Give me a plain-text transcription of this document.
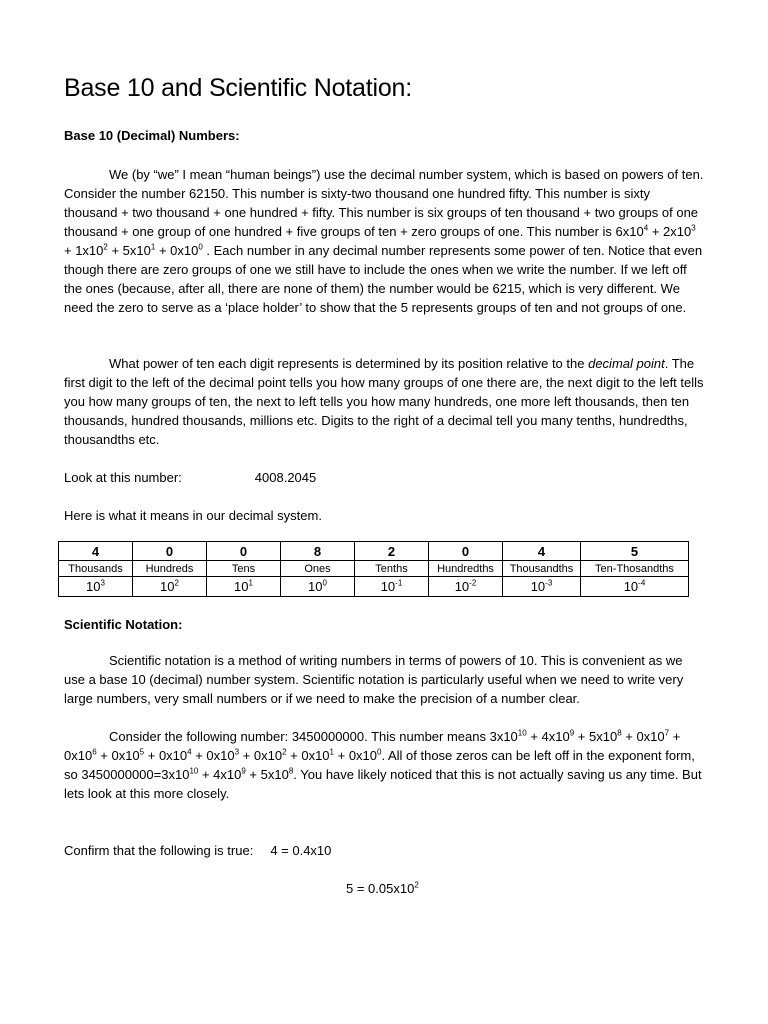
Base 10 and Scientific Notation:
Base 10 (Decimal) Numbers:

We (by “we” I mean “human beings”) use the decimal number system, which is based on powers of ten. Consider the number 62150. This number is sixty-two thousand one hundred fifty. This number is sixty thousand + two thousand + one hundred + fifty. This number is six groups of ten thousand + two groups of one thousand + one group of one hundred + five groups of ten + zero groups of one. This number is $6x10^4 + 2x10^3 + 1x10^2 + 5x10^1 + 0x10^0$ . Each number in any decimal number represents some power of ten. Notice that even though there are zero groups of one we still have to include the ones when we write the number. If we left off the ones (because, after all, there are none of them) the number would be 6215, which is very different. We need the zero to serve as a ‘place holder’ to show that the 5 represents groups of ten and not groups of one.

What power of ten each digit represents is determined by its position relative to the decimal point. The first digit to the left of the decimal point tells you how many groups of one there are, the next digit to the left tells you how many groups of ten, the next to left tells you how many hundreds, one more left thousands, then ten thousands, hundred thousands, millions etc. Digits to the right of a decimal tell you many tenths, hundredths, thousandths etc.

Look at this number:	4008.2045

Here is what it means in our decimal system.

4	0	0	8	2	0	4	5
Thousands	Hundreds	Tens	Ones	Tenths	Hundredths	Thousandths	Ten-Thosandths
$10^3$	$10^2$	$10^1$	$10^0$	$10^{-1}$	$10^{-2}$	$10^{-3}$	$10^{-4}$
Scientific Notation:

Scientific notation is a method of writing numbers in terms of powers of 10. This is convenient as we use a base 10 (decimal) number system. Scientific notation is particularly useful when we need to write very large numbers, very small numbers or if we need to make the precision of a number clear.

Consider the following number: 3450000000. This number means $3x10^{10} + 4x10^9 + 5x10^8 + 0x10^7 + 0x10^6 + 0x10^5 + 0x10^4 + 0x10^3 + 0x10^2 + 0x10^1 + 0x10^0$. All of those zeros can be left off in the exponent form, so $3450000000=3x10^{10} + 4x10^9 + 5x10^8$. You have likely noticed that this is not actually saving us any time. But lets look at this more closely.

Confirm that the following is true: 4 = 0.4x10

$5 = 0.05x10^2$
